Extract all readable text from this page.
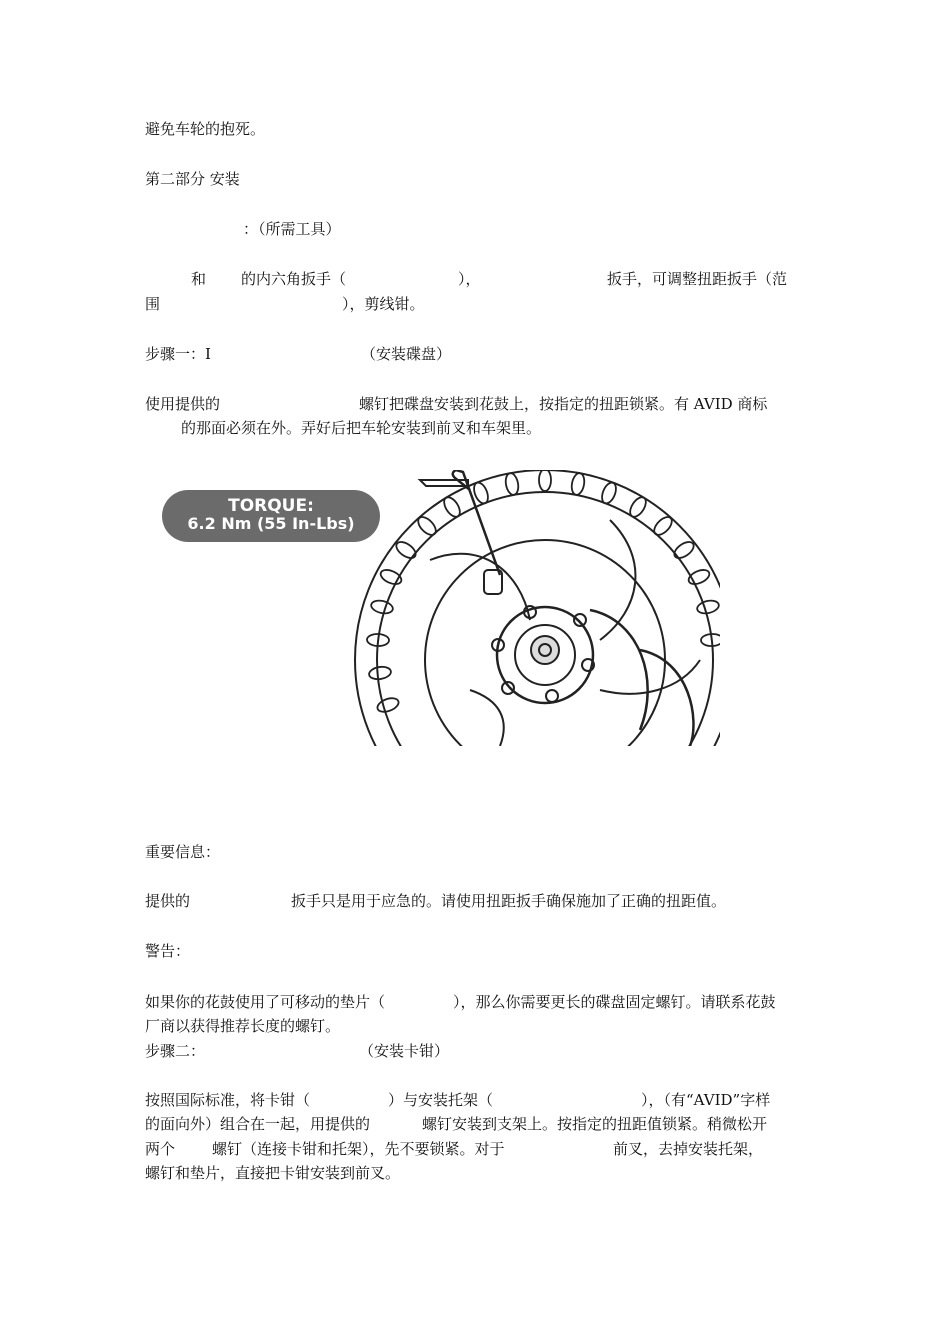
避免车轮的抱死。
第二部分 安装
：（所需工具）
和 的内六角扳手（	），	扳手，可调整扭距扳手（范
围	），剪线钳。
步骤一：I	（安装碟盘）
使用提供的	螺钉把碟盘安装到花鼓上，按指定的扭距锁紧。有 AVID 商标
的那面必须在外。弄好后把车轮安装到前叉和车架里。
TORQUE:
6.2 Nm (55 In-Lbs)
重要信息：
提供的	扳手只是用于应急的。请使用扭距扳手确保施加了正确的扭距值。
警告：
如果你的花鼓使用了可移动的垫片（	），那么你需要更长的碟盘固定螺钉。请联系花鼓
厂商以获得推荐长度的螺钉。
步骤二：	（安装卡钳）
按照国际标准，将卡钳（	）与安装托架（	），（有“AVID”字样
的面向外）组合在一起，用提供的	螺钉安装到支架上。按指定的扭距值锁紧。稍微松开
两个 螺钉（连接卡钳和托架），先不要锁紧。对于	前叉，去掉安装托架，
螺钉和垫片，直接把卡钳安装到前叉。
